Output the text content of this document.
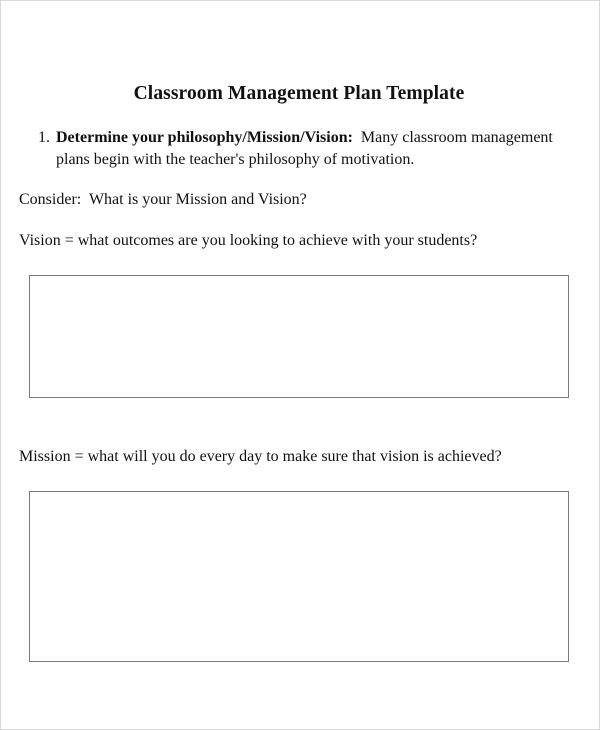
Classroom Management Plan Template
1. Determine your philosophy/Mission/Vision: Many classroom management plans begin with the teacher's philosophy of motivation.
Consider: What is your Mission and Vision?
Vision = what outcomes are you looking to achieve with your students?
Mission = what will you do every day to make sure that vision is achieved?
